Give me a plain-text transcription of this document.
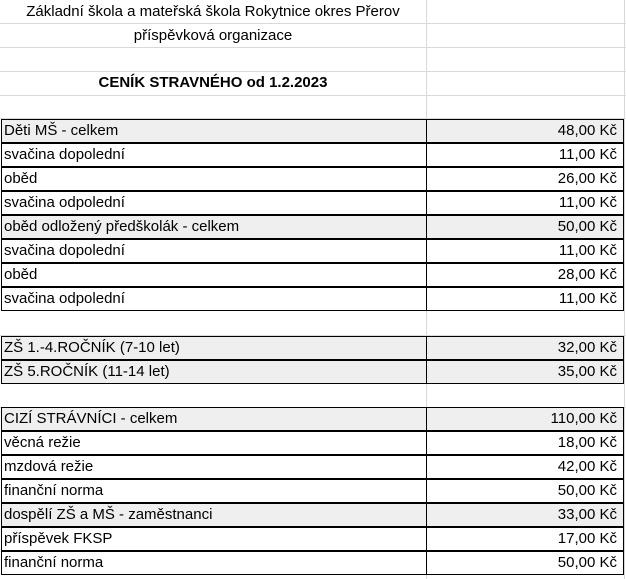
Základní škola a mateřská škola Rokytnice okres Přerov
příspěvková organizace
CENÍK STRAVNÉHO od 1.2.2023
Děti MŠ - celkem	48,00 Kč
svačina dopolední	11,00 Kč
oběd	26,00 Kč
svačina odpolední	11,00 Kč
oběd odložený předškolák - celkem	50,00 Kč
svačina dopolední	11,00 Kč
oběd	28,00 Kč
svačina odpolední	11,00 Kč
ZŠ 1.-4.ROČNÍK (7-10 let)	32,00 Kč
ZŠ 5.ROČNÍK (11-14 let)	35,00 Kč
CIZÍ STRÁVNÍCI - celkem	110,00 Kč
věcná režie	18,00 Kč
mzdová režie	42,00 Kč
finanční norma	50,00 Kč
dospělí ZŠ a MŠ - zaměstnanci	33,00 Kč
příspěvek FKSP	17,00 Kč
finanční norma	50,00 Kč
